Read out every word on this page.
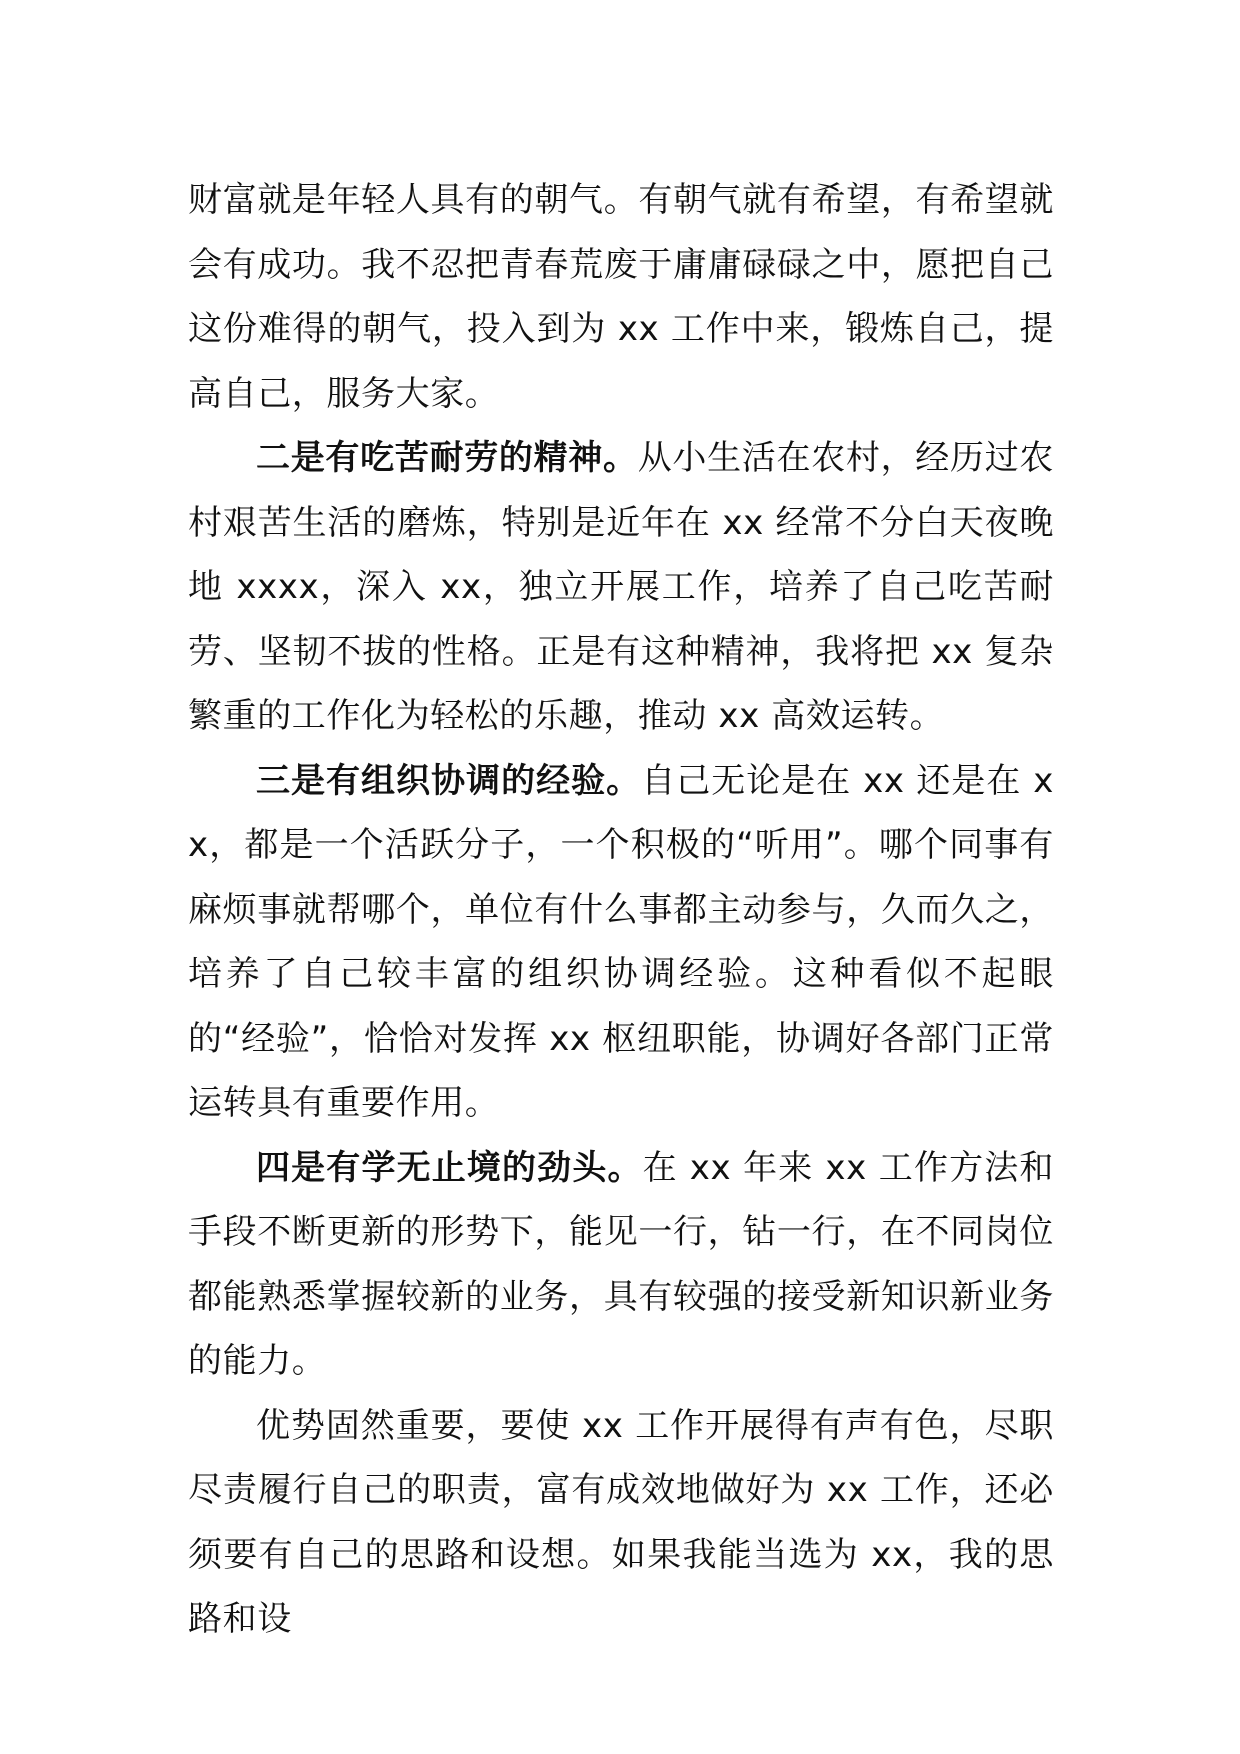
财富就是年轻人具有的朝气。有朝气就有希望，有希望就会有成功。我不忍把青春荒废于庸庸碌碌之中，愿把自己这份难得的朝气，投入到为 xx 工作中来，锻炼自己，提高自己，服务大家。

二是有吃苦耐劳的精神。从小生活在农村，经历过农村艰苦生活的磨炼，特别是近年在 xx 经常不分白天夜晚地 xxxx，深入 xx，独立开展工作，培养了自己吃苦耐劳、坚韧不拔的性格。正是有这种精神，我将把 xx 复杂繁重的工作化为轻松的乐趣，推动 xx 高效运转。

三是有组织协调的经验。自己无论是在 xx 还是在 xx，都是一个活跃分子，一个积极的“听用”。哪个同事有麻烦事就帮哪个，单位有什么事都主动参与，久而久之，培养了自己较丰富的组织协调经验。这种看似不起眼的“经验”，恰恰对发挥 xx 枢纽职能，协调好各部门正常运转具有重要作用。

四是有学无止境的劲头。在 xx 年来 xx 工作方法和手段不断更新的形势下，能见一行，钻一行，在不同岗位都能熟悉掌握较新的业务，具有较强的接受新知识新业务的能力。

优势固然重要，要使 xx 工作开展得有声有色，尽职尽责履行自己的职责，富有成效地做好为 xx 工作，还必须要有自己的思路和设想。如果我能当选为 xx，我的思路和设
